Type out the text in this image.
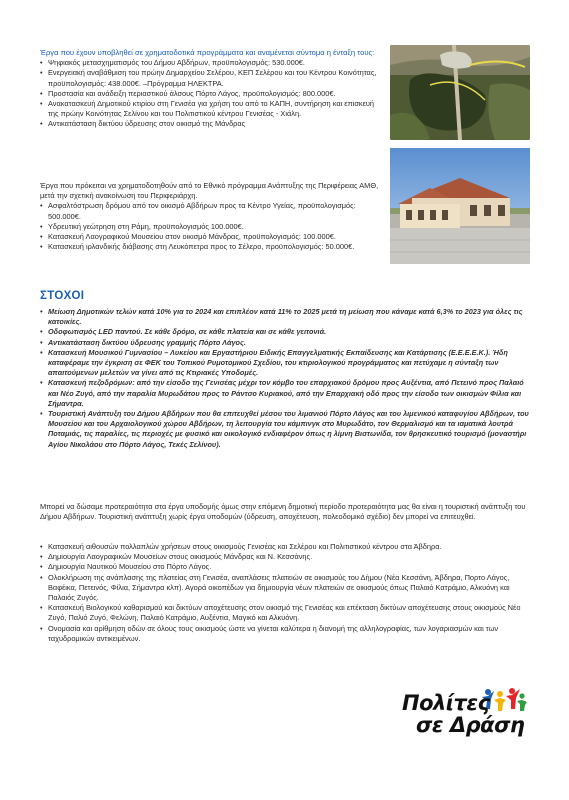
Έργα που έχουν υποβληθεί σε χρηματοδοτικά προγράμματα και αναμένεται σύντομα η ένταξη τους:
• Ψηφιακός μετασχηματισμός του Δήμου Αβδήρων, προϋπολογισμός: 530.000€.
• Ενεργειακή αναβάθμιση του πρώην Δημαρχείου Σελέρου, ΚΕΠ Σελέρου και του Κέντρου Κοινότητας, προϋπολογισμός: 438.000€. –Πρόγραμμα ΗΛΕΚΤΡΑ.
• Προστασία και ανάδειξη περιαστικού άλσους Πόρτο Λάγος, προϋπολογισμός: 800.000€.
• Ανακατασκευή Δημοτικού κτιρίου στη Γενισέα για χρήση του από το ΚΑΠΗ, συντήρηση και επισκευή της πρώην Κοινότητας Σελίνου και του Πολιτιστικού κέντρου Γενισέας - Χιάλη.
• Αντικατάσταση δικτύου ύδρευσης στον οικισμό της Μάνδρας
Έργα που πρόκειται να χρηματοδοτηθούν από το Εθνικό πρόγραμμα Ανάπτυξης της Περιφέρειας ΑΜΘ, μετά την σχετική ανακοίνωση του Περιφεριάρχη.
• Ασφαλτόστρωση δρόμου από τον οικισμό Αβδήρων προς τα Κέντρο Υγείας, προϋπολογισμός: 500.000€.
• Υδρευτική γεώτρηση στη Ράμη, προϋπολογισμός 100.000€.
• Κατασκευή Λαογραφικού Μουσείου στον οικισμό Μάνδρας, προϋπολογισμός: 100.000€.
• Κατασκευή ιρλανδικής διάβασης στη Λευκόπετρα προς το Σέλερο, προϋπολογισμός: 50.000€.
ΣΤΟΧΟΙ
• Μείωση Δημοτικών τελών κατά 10% για το 2024 και επιπλέον κατά 11% το 2025 μετά τη μείωση που κάναμε κατά 6,3% το 2023 για όλες τις κατοικίες.
• Οδοφωτισμός LED παντού. Σε κάθε δρόμο, σε κάθε πλατεία και σε κάθε γειτονιά.
• Αντικατάσταση δικτύου ύδρευσης γραμμής Πόρτο Λάγος.
• Κατασκευή Μουσικού Γυμνασίου – Λυκείου και Εργαστήριου Ειδικής Επαγγελματικής Εκπαίδευσης και Κατάρτισης (Ε.Ε.Ε.Ε.Κ.). Ήδη καταφέραμε την έγκριση σε ΦΕΚ του Τοπικού Ρυμοτομικού Σχεδίου, του κτιριολογικού προγράμματος και πετύχαμε η σύνταξη των απαιτούμενων μελετών να γίνει από τις Κτιριακές Υποδομές.
• Κατασκευή πεζοδρόμων: από την είσοδο της Γενισέας μέχρι τον κόμβο του επαρχιακού δρόμου προς Αυξέντια, από Πετεινό προς Παλαιό και Νέο Ζυγό, από την παραλία Μυρωδάτου προς το Ράντσο Κυριακού, από την Επαρχιακή οδό προς την είσοδο των οικισμών Φίλια και Σήμαντρα.
• Τουριστική Ανάπτυξη του Δήμου Αβδήρων που θα επιτευχθεί μέσου του λιμανιού Πόρτο Λάγος και του λιμενικού καταφυγίου Αβδήρων, του Μουσείου και του Αρχαιολογικού χώρου Αβδήρων, τη λειτουργία του κάμπινγκ στο Μυρωδάτο, τον Θερμαλισμό και τα ιαματικά λουτρά Ποταμιάς, τις παραλίες, τις περιοχές με φυσικό και οικολογικό ενδιαφέρον όπως η λίμνη Βιστωνίδα, τον θρησκευτικό τουρισμό (μοναστήρι Αγίου Νικολάου στο Πόρτο Λάγος, Τεκές Σελίνου).
Μπορεί να δώσαμε προτεραιότητα στα έργα υποδομής όμως στην επόμενη δημοτική περίοδο προτεραιότητα μας θα είναι η τουριστική ανάπτυξη του Δήμου Αβδήρων. Τουριστική ανάπτυξη χωρίς έργα υποδομών (ύδρευση, αποχέτευση, πολεοδομικό σχέδιο) δεν μπορεί να επιτευχθεί.
• Κατασκευή αιθουσών πολλαπλών χρήσεων στους οικισμούς Γενισέας και Σελέρου και Πολιτιστικού κέντρου στα Άβδηρα.
• Δημιουργία Λαογραφικών Μουσείων στους οικισμούς Μάνδρας και Ν. Κεσσάνης.
• Δημιουργία Ναυτικού Μουσείου στο Πόρτο Λάγος.
• Ολοκλήρωση της ανάπλασης της πλατείας στη Γενισέα, αναπλάσεις πλατειών σε οικισμούς του Δήμου (Νέα Κεσσάνη, Άβδηρα, Πορτο Λάγος, Βαφέικα, Πετεινός, Φίλια, Σήμαντρα κλπ). Αγορά οικοπέδων για δημιουργία νέων πλατειών σε οικισμούς όπως Παλαιό Κατράμιο, Αλκυόνη και Παλαιός Ζυγός.
• Κατασκευή Βιολογικού καθαρισμού και δικτύων αποχέτευσης στον οικισμό της Γενισέας και επέκταση δικτύων αποχέτευσης στους οικισμούς Νέο Ζυγό, Παλιό Ζυγό, Φελώνη, Παλαιό Κατράμιο, Αυξέντια, Μαγικό και Αλκυόνη.
• Ονομασία και αρίθμηση οδών σε όλους τους οικισμούς ώστε να γίνεται καλύτερα η διανομή της αλληλογραφίας, των λογαριασμών και των ταχυδρομικών αντικειμένων.
Πολίτες
σε Δράση
